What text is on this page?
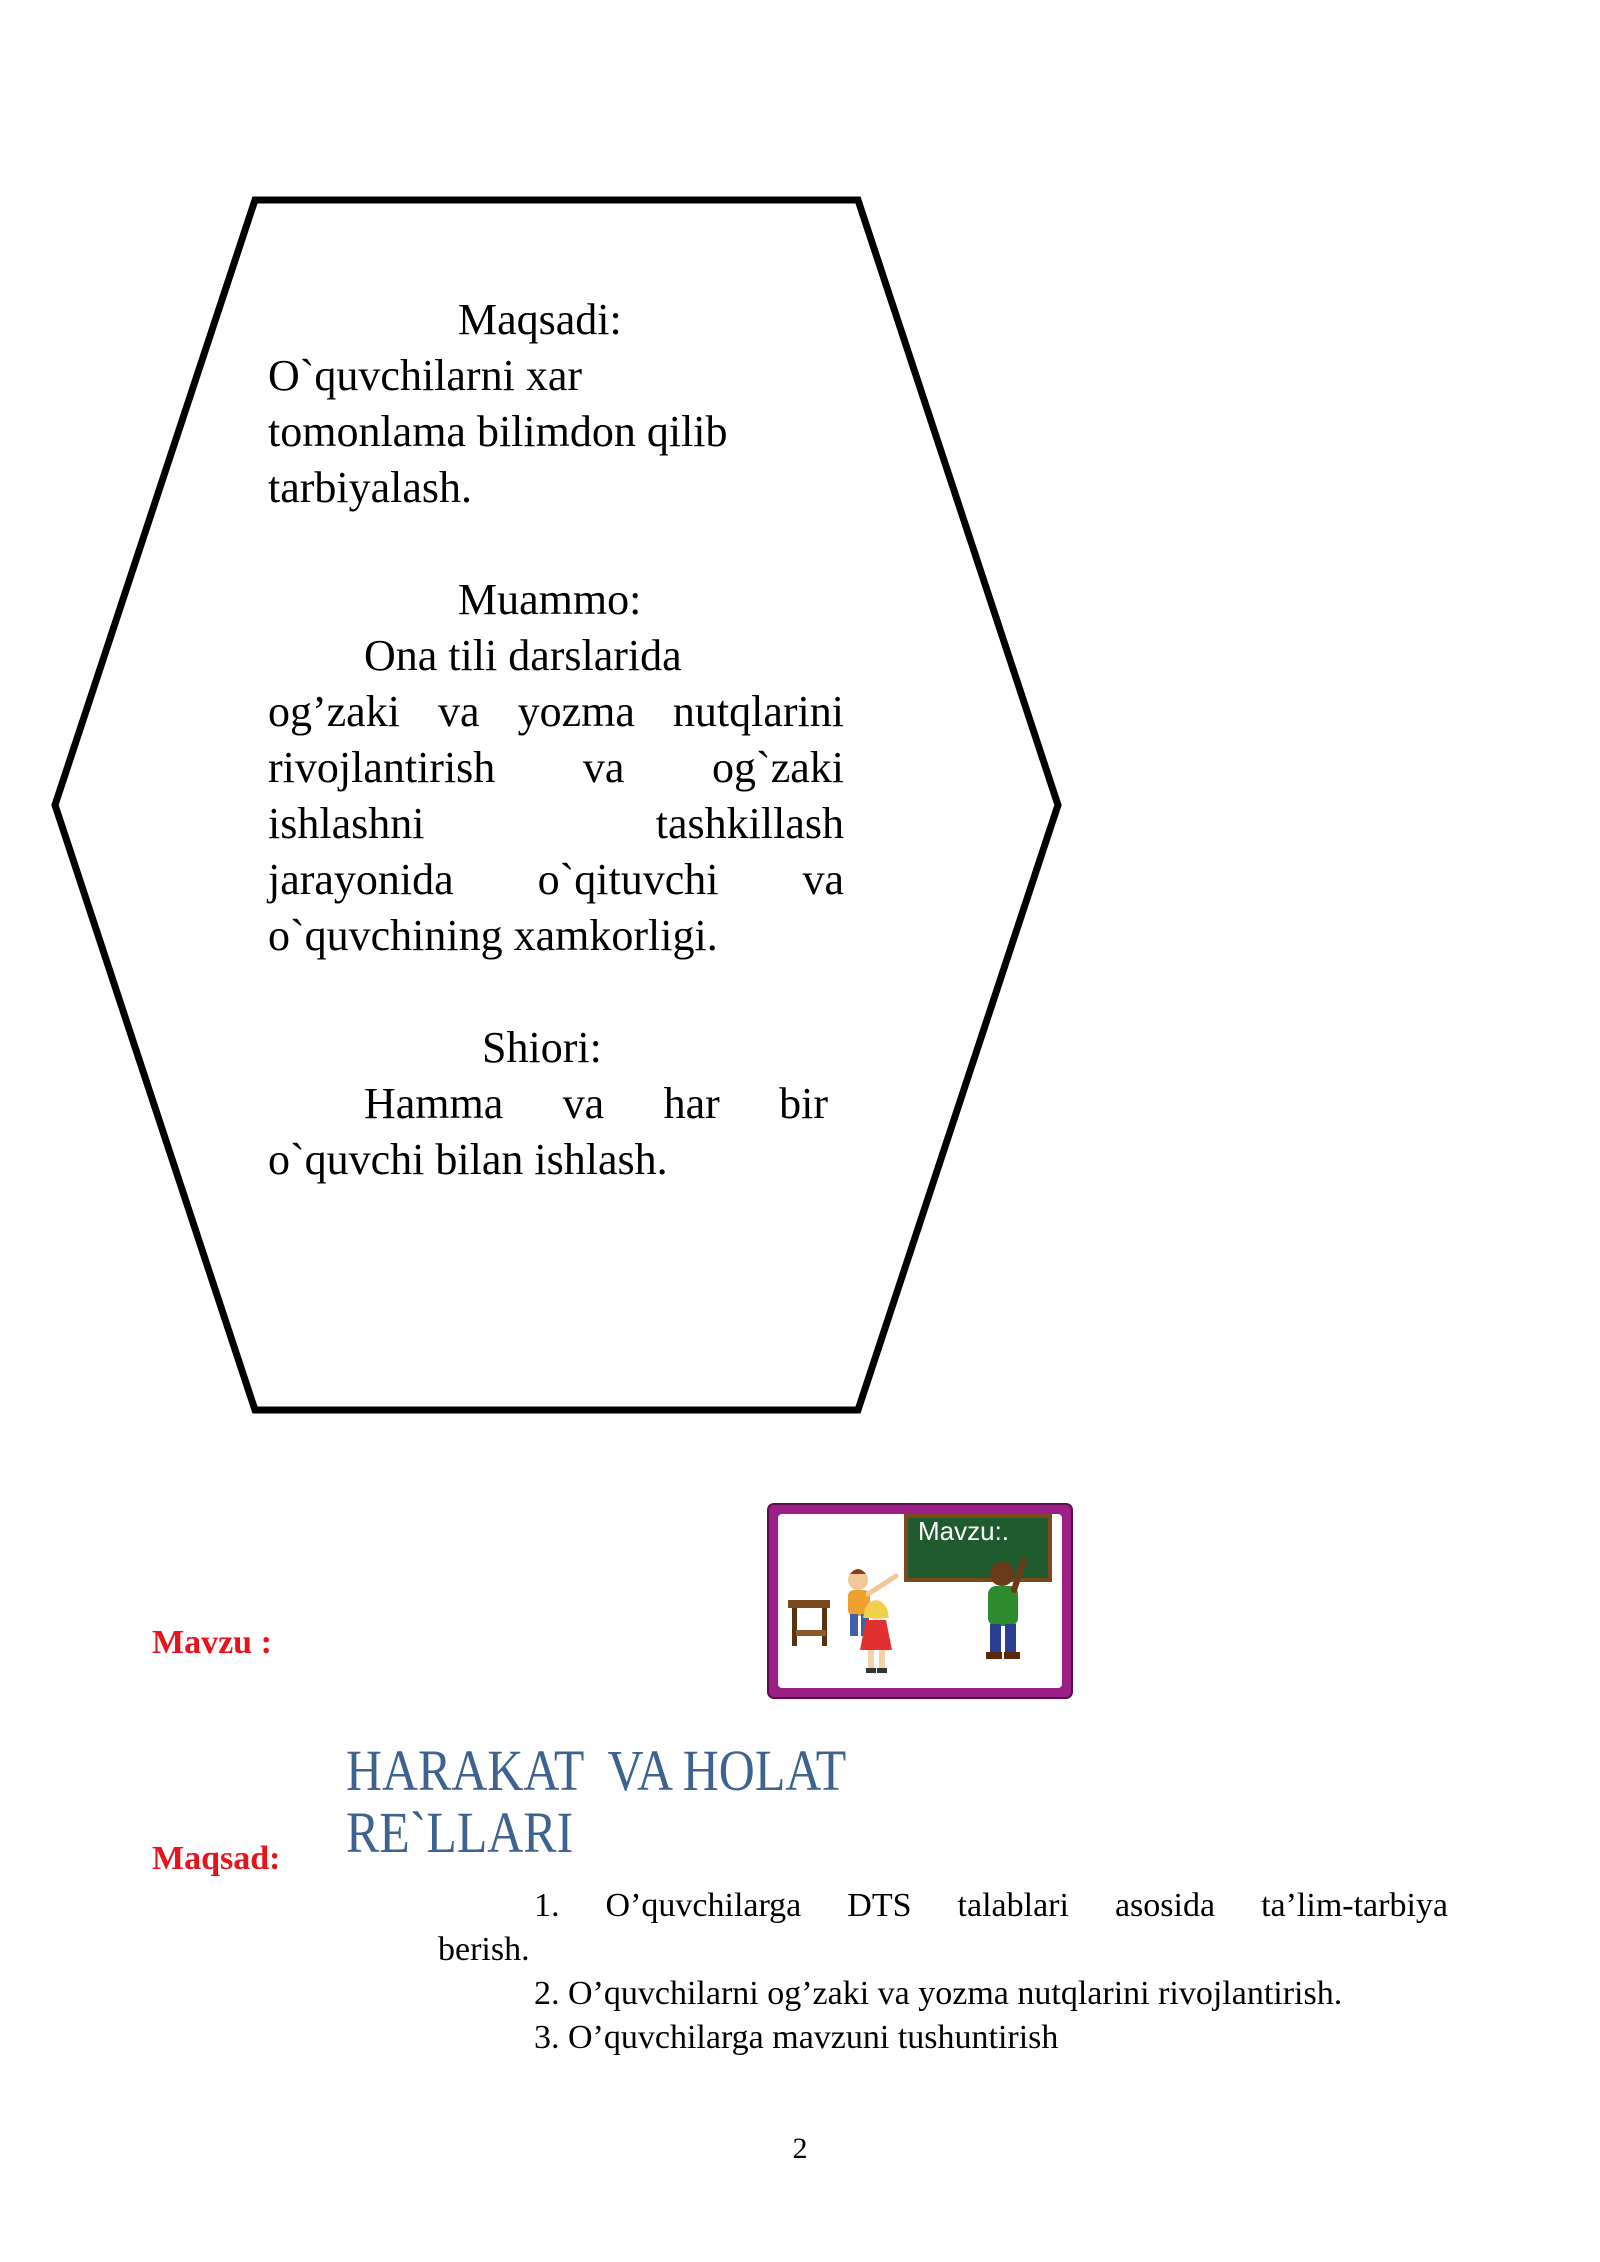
Maqsadi:
O`quvchilarni xar
tomonlama bilimdon qilib
tarbiyalash.
Muammo:
Ona tili darslarida
og’zaki va yozma nutqlarini
rivojlantirish va og`zaki
ishlashni tashkillash
jarayonida o`qituvchi va
o`quvchining xamkorligi.
Shiori:
Hamma va har bir
o`quvchi bilan ishlash.
Mavzu:.
Mavzu :
Maqsad:
HARAKAT  VA HOLAT
RE`LLARI
1. O’quvchilarga DTS talablari asosida ta’lim-tarbiya
berish.
2. O’quvchilarni og’zaki va yozma nutqlarini rivojlantirish.
3. O’quvchilarga mavzuni tushuntirish
2
